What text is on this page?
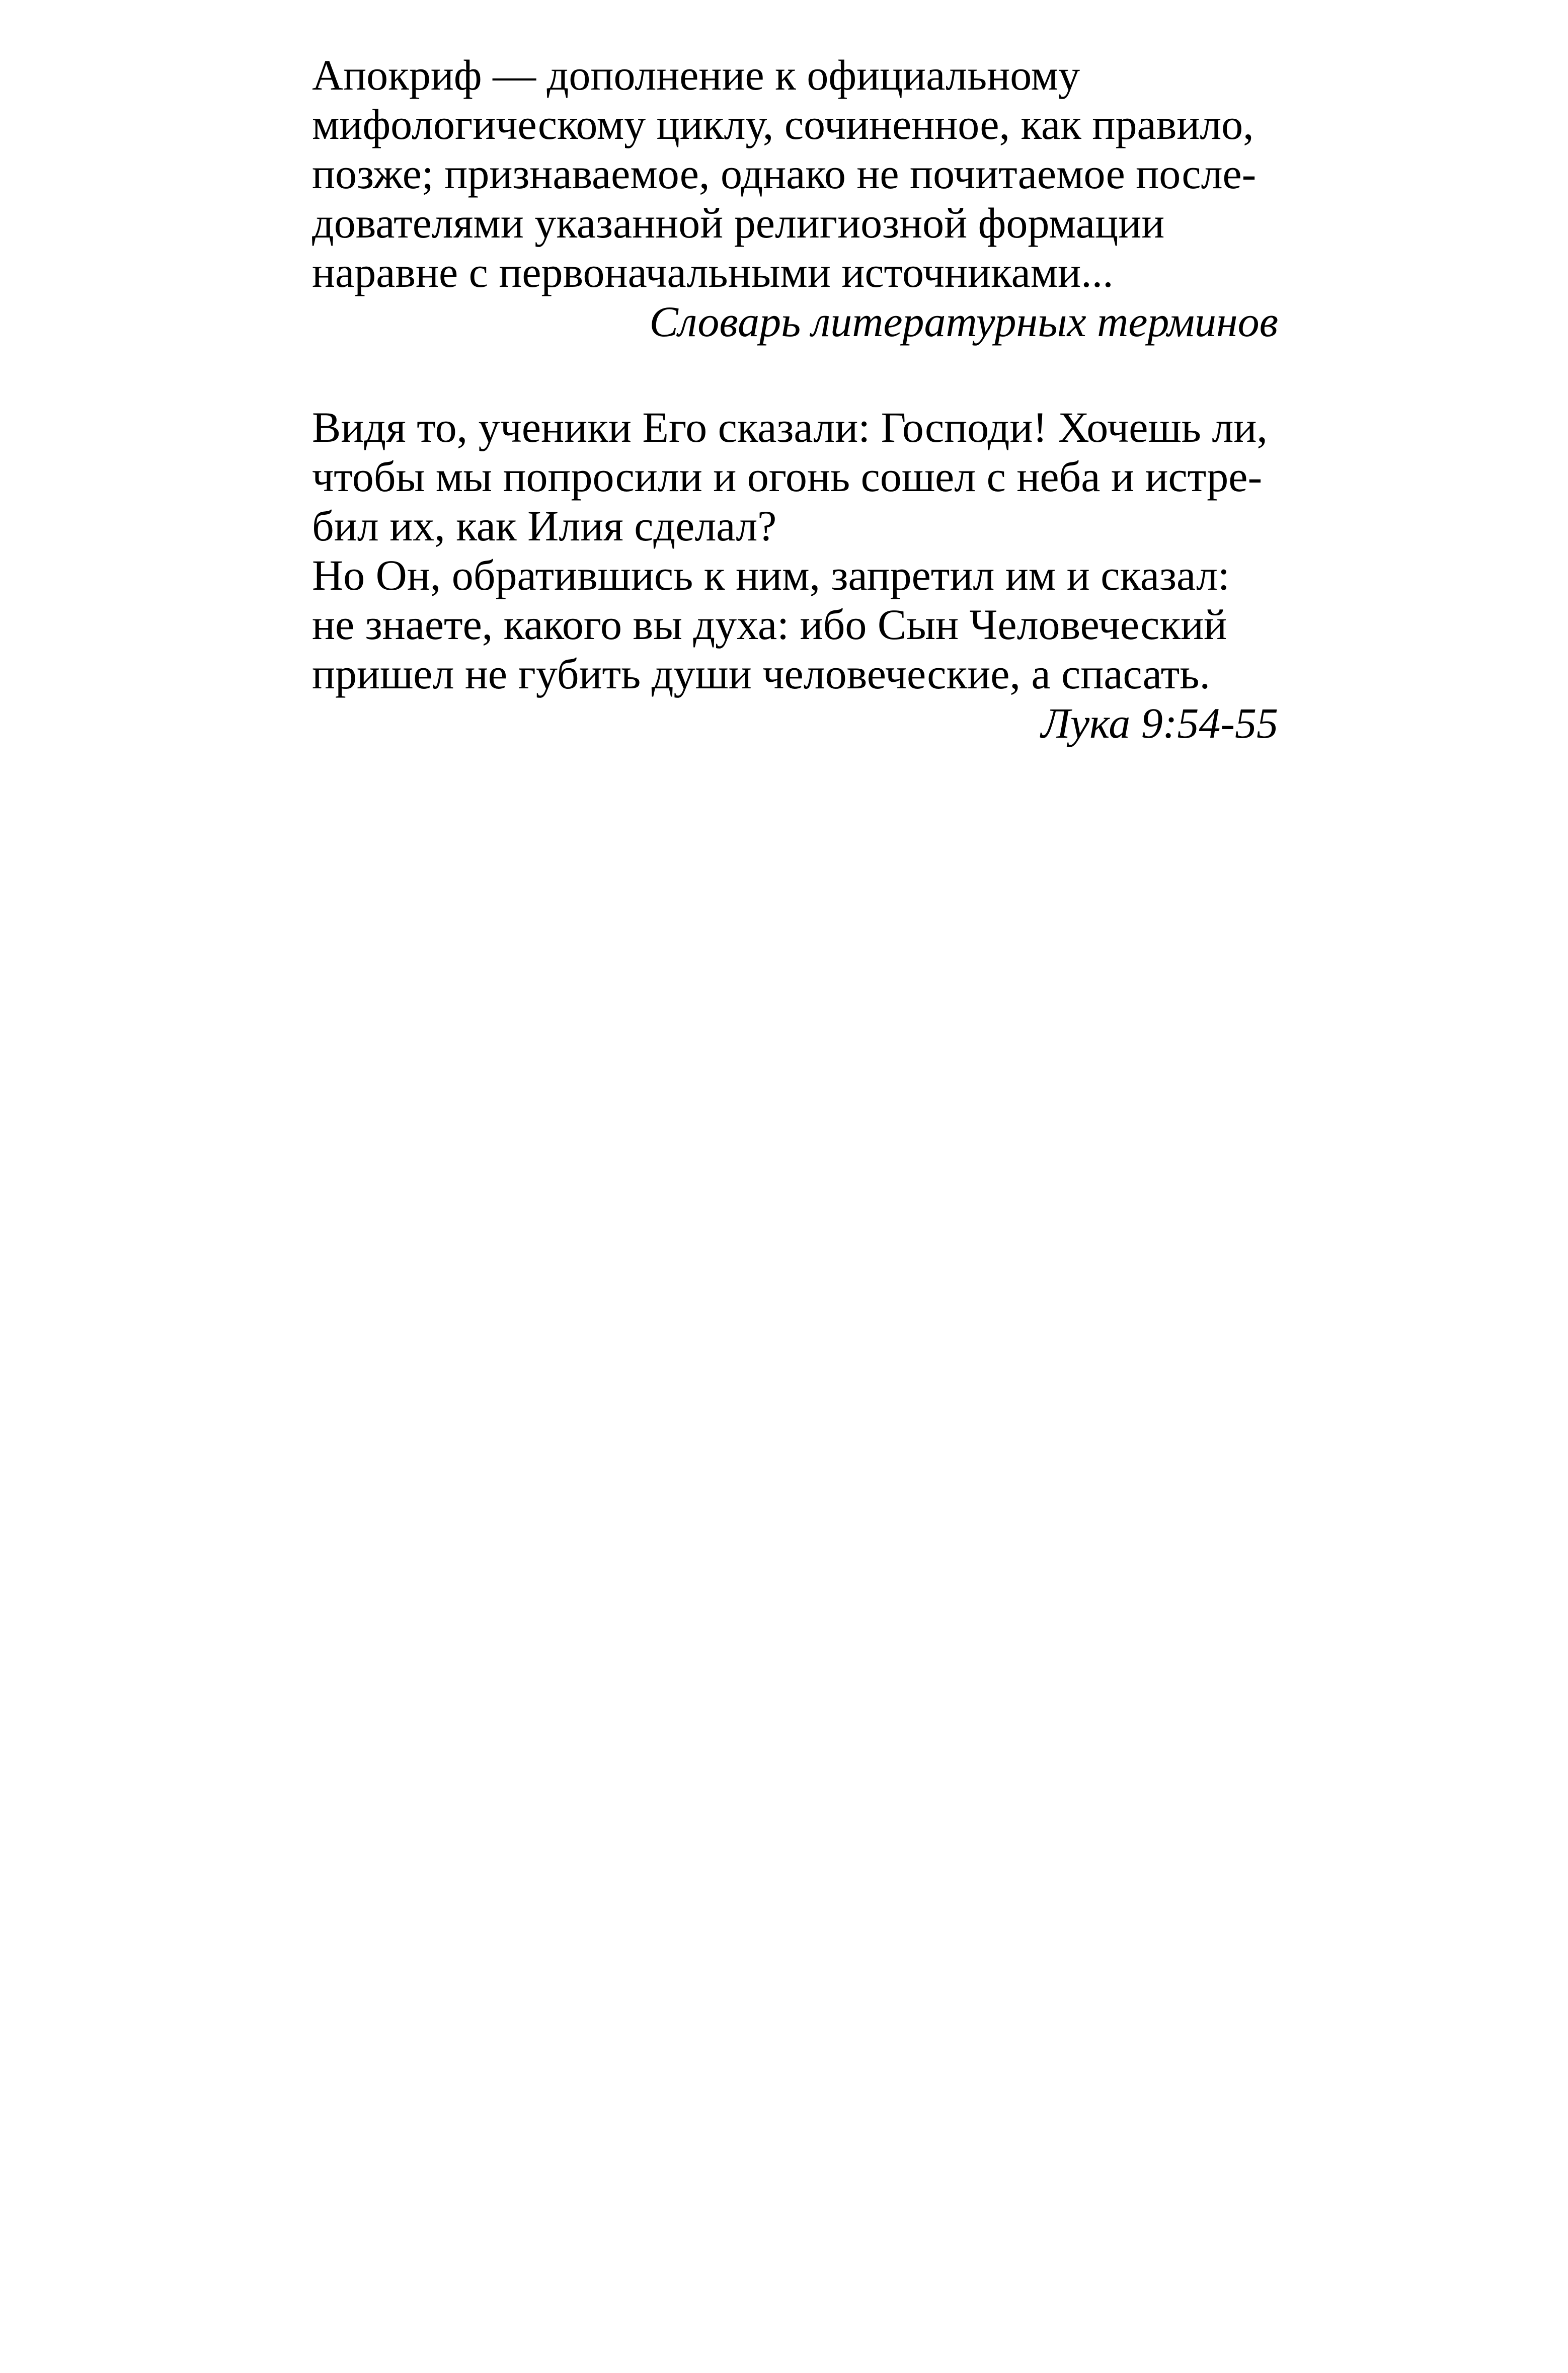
Апокриф — дополнение к официальному
мифологическому циклу, сочиненное, как правило,
позже; признаваемое, однако не почитаемое после-
дователями указанной религиозной формации
наравне с первоначальными источниками...
Словарь литературных терминов
Видя то, ученики Его сказали: Господи! Хочешь ли,
чтобы мы попросили и огонь сошел с неба и истре-
бил их, как Илия сделал?
Но Он, обратившись к ним, запретил им и сказал:
не знаете, какого вы духа: ибо Сын Человеческий
пришел не губить души человеческие, а спасать.
Лука 9:54-55
